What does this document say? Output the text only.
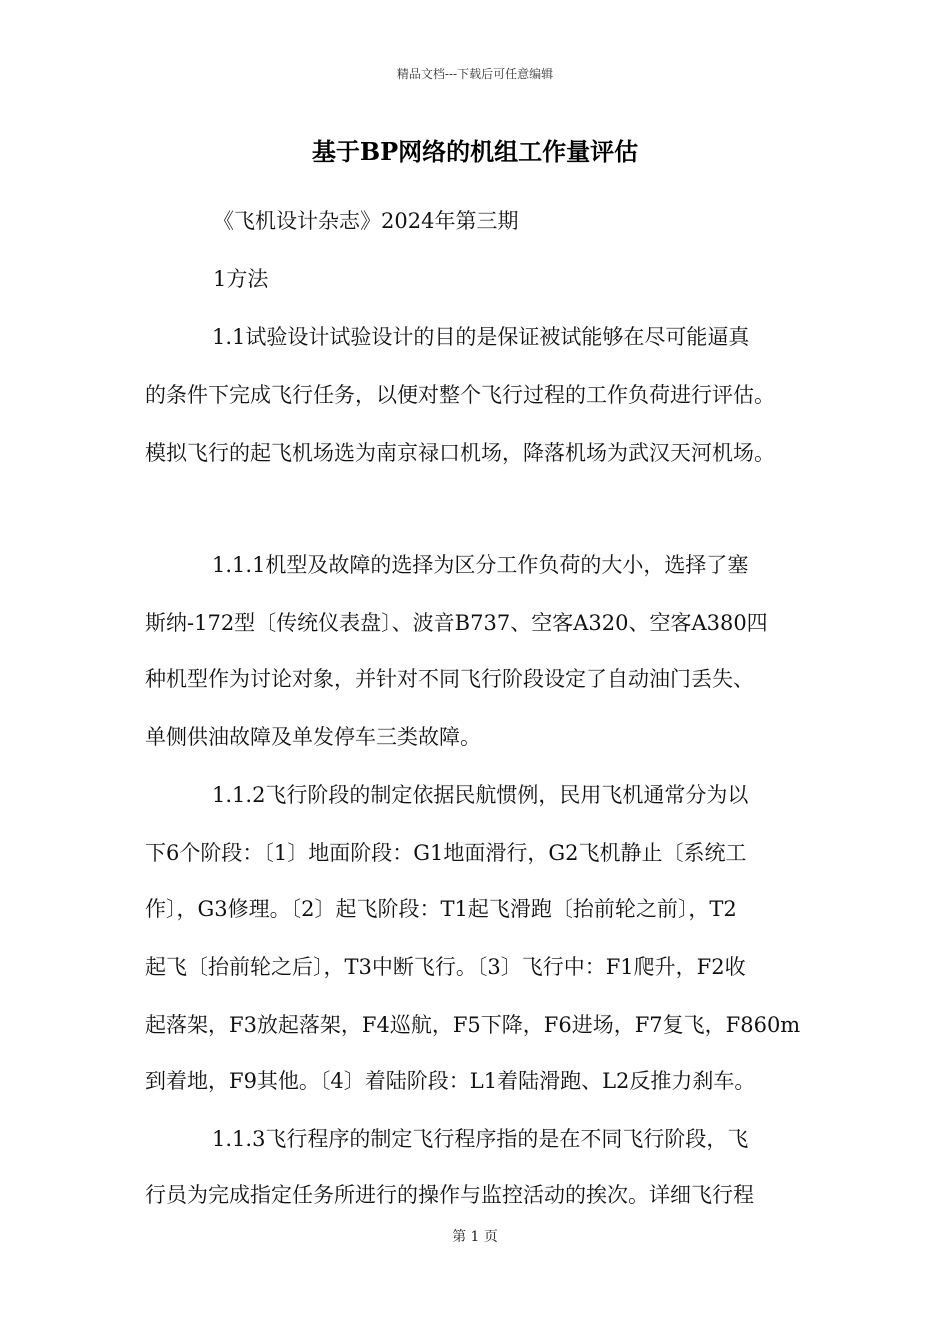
精品文档---下载后可任意编辑
基于BP网络的机组工作量评估
《飞机设计杂志》2024年第三期
1方法
1.1试验设计试验设计的目的是保证被试能够在尽可能逼真
的条件下完成飞行任务，以便对整个飞行过程的工作负荷进行评估。
模拟飞行的起飞机场选为南京禄口机场，降落机场为武汉天河机场。
1.1.1机型及故障的选择为区分工作负荷的大小，选择了塞
斯纳-172型〔传统仪表盘〕、波音B737、空客A320、空客A380四
种机型作为讨论对象，并针对不同飞行阶段设定了自动油门丢失、
单侧供油故障及单发停车三类故障。
1.1.2飞行阶段的制定依据民航惯例，民用飞机通常分为以
下6个阶段：〔1〕地面阶段：G1地面滑行，G2飞机静止〔系统工
作〕，G3修理。〔2〕起飞阶段：T1起飞滑跑〔抬前轮之前〕，T2
起飞〔抬前轮之后〕，T3中断飞行。〔3〕飞行中：F1爬升，F2收
起落架，F3放起落架，F4巡航，F5下降，F6进场，F7复飞，F860m
到着地，F9其他。〔4〕着陆阶段：L1着陆滑跑、L2反推力刹车。
1.1.3飞行程序的制定飞行程序指的是在不同飞行阶段，飞
行员为完成指定任务所进行的操作与监控活动的挨次。详细飞行程
第 1 页
